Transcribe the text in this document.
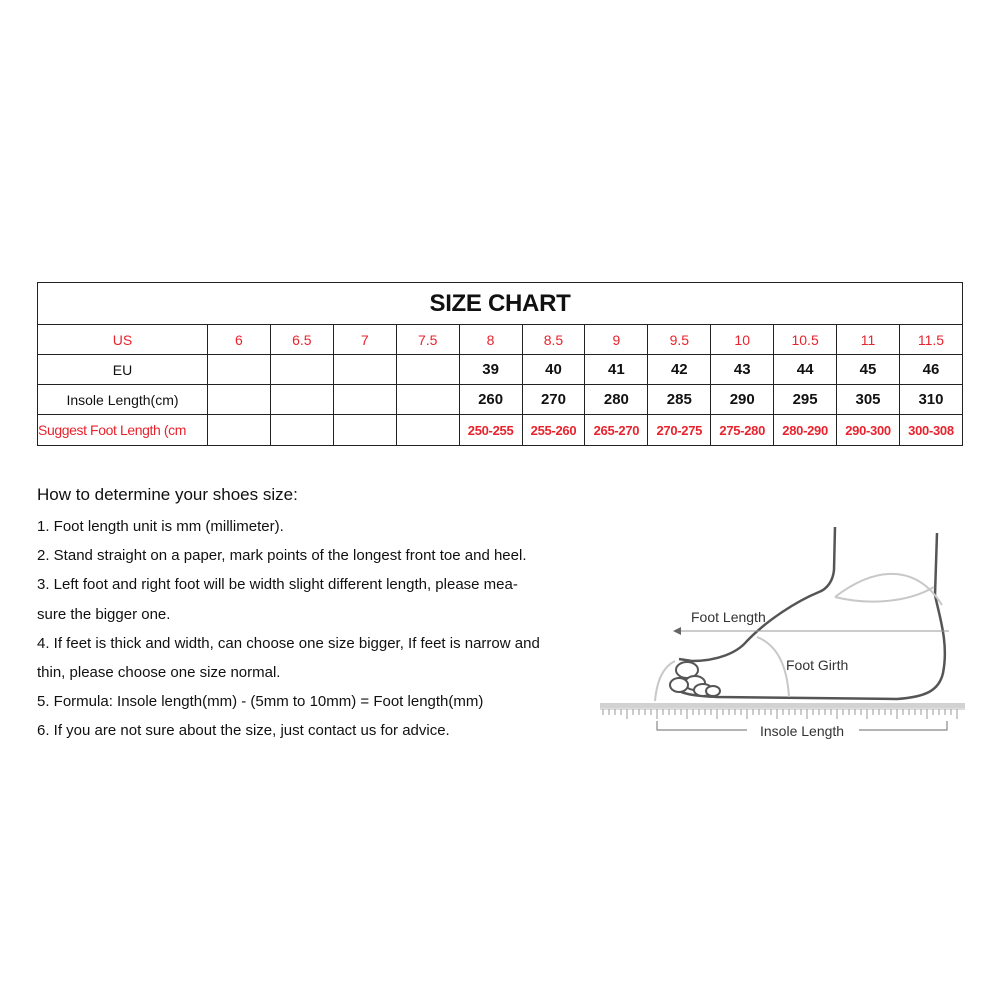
SIZE CHART												
US	6	6.5	7	7.5	8	8.5	9	9.5	10	10.5	11	11.5
EU					39	40	41	42	43	44	45	46
Insole Length(cm)					260	270	280	285	290	295	305	310
Suggest Foot Length (cm					250-255	255-260	265-270	270-275	275-280	280-290	290-300	300-308
How to determine your shoes size:
1. Foot length unit is mm (millimeter).
2. Stand straight on a paper, mark points of the longest front toe and heel.
3. Left foot and right foot will be width slight different length, please mea-
sure the bigger one.
4. If feet is thick and width, can choose one size bigger, If feet is narrow and
thin, please choose one size normal.
5. Formula: Insole length(mm) - (5mm to 10mm) = Foot length(mm)
6. If you are not sure about the size, just contact us for advice.
Foot Length
Foot Girth
Insole Length
